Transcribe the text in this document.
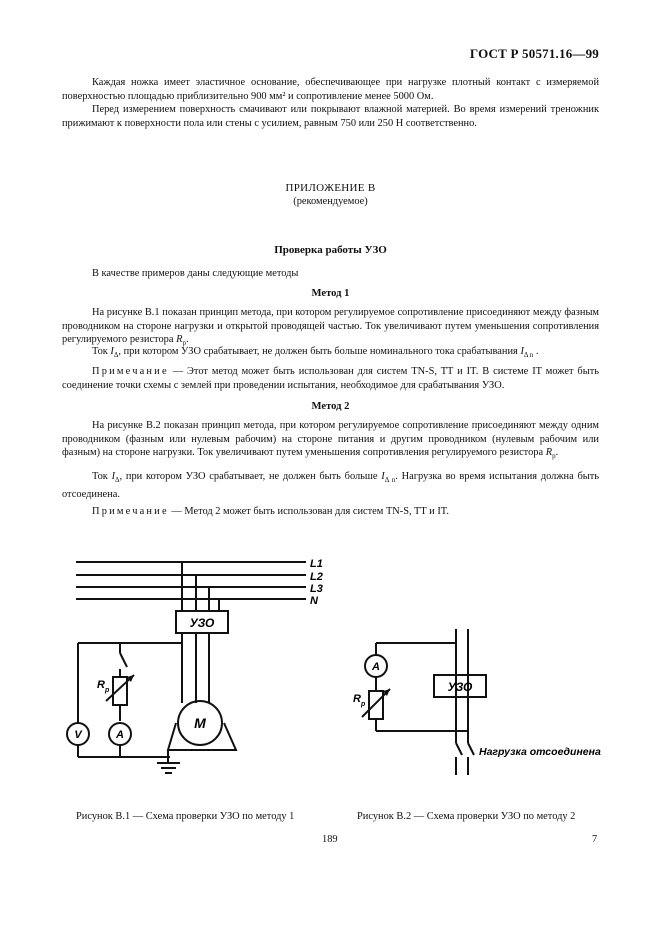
ГОСТ Р 50571.16—99
Каждая ножка имеет эластичное основание, обеспечивающее при нагрузке плотный контакт с измеряемой поверхностью площадью приблизительно 900 мм² и сопротивление менее 5000 Ом.
Перед измерением поверхность смачивают или покрывают влажной материей. Во время измерений треножник прижимают к поверхности пола или стены с усилием, равным 750 или 250 Н соответственно.
ПРИЛОЖЕНИЕ В
(рекомендуемое)
Проверка работы УЗО
В качестве примеров даны следующие методы
Метод 1
На рисунке В.1 показан принцип метода, при котором регулируемое сопротивление присоединяют между фазным проводником на стороне нагрузки и открытой проводящей частью. Ток увеличивают путем уменьшения сопротивления регулируемого резистора $R_p$.
Ток $I_\Delta$, при котором УЗО срабатывает, не должен быть больше номинального тока срабатывания $I_{\Delta n}$ .
Примечание — Этот метод может быть использован для систем TN-S, TT и IT. В системе IT может быть соединение точки схемы с землей при проведении испытания, необходимое для срабатывания УЗО.
Метод 2
На рисунке В.2 показан принцип метода, при котором регулируемое сопротивление присоединяют между одним проводником (фазным или нулевым рабочим) на стороне питания и другим проводником (нулевым рабочим или фазным) на стороне нагрузки. Ток увеличивают путем уменьшения сопротивления регулируемого резистора $R_p$.
Ток $I_\Delta$, при котором УЗО срабатывает, не должен быть больше $I_{\Delta n}$. Нагрузка во время испытания должна быть отсоединена.
Примечание — Метод 2 может быть использован для систем TN-S, TT и IT.
L1
L2
L3
N
УЗО
M
V	A
R p	УЗО
A
R p
Нагрузка отсоединена
Рисунок В.1 — Схема проверки УЗО по методу 1	Рисунок В.2 — Схема проверки УЗО по методу 2
189	7
